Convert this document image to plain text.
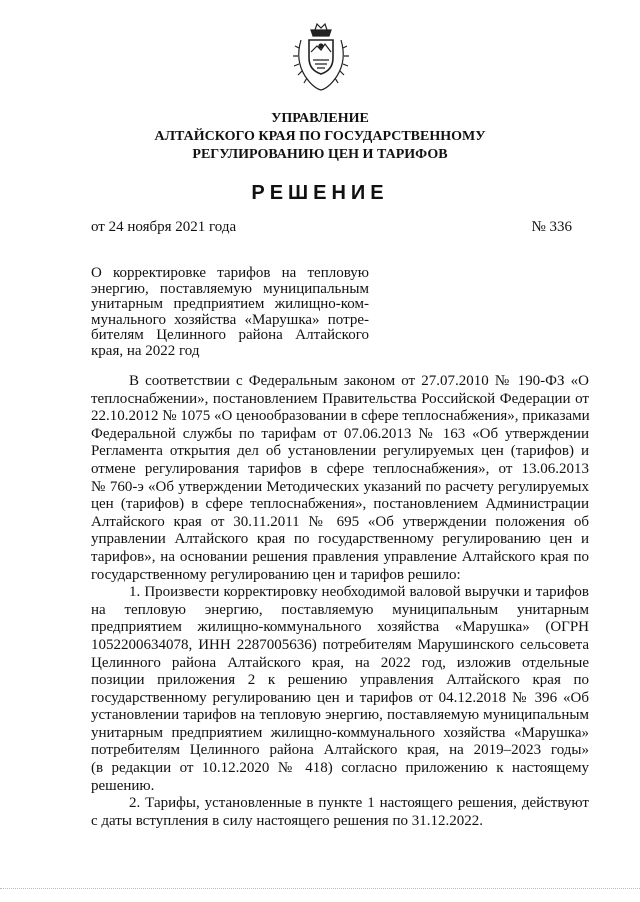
УПРАВЛЕНИЕ
АЛТАЙСКОГО КРАЯ ПО ГОСУДАРСТВЕННОМУ
РЕГУЛИРОВАНИЮ ЦЕН И ТАРИФОВ
РЕШЕНИЕ
от 24 ноября 2021 года	№ 336
О корректировке тарифов на тепловую
энергию, поставляемую муниципальным
унитарным предприятием жилищно-ком-
мунального хозяйства «Марушка» потре-
бителям Целинного района Алтайского
края, на 2022 год

В соответствии с Федеральным законом от 27.07.2010 № 190-ФЗ «О
теплоснабжении», постановлением Правительства Российской Федерации от
22.10.2012 № 1075 «О ценообразовании в сфере теплоснабжения», приказами
Федеральной службы по тарифам от 07.06.2013 № 163 «Об утверждении
Регламента открытия дел об установлении регулируемых цен (тарифов) и
отмене регулирования тарифов в сфере теплоснабжения», от 13.06.2013
№ 760-э «Об утверждении Методических указаний по расчету регулируемых
цен (тарифов) в сфере теплоснабжения», постановлением Администрации
Алтайского края от 30.11.2011 № 695 «Об утверждении положения об
управлении Алтайского края по государственному регулированию цен и
тарифов», на основании решения правления управление Алтайского края по
государственному регулированию цен и тарифов решило:

1. Произвести корректировку необходимой валовой выручки и тарифов
на тепловую энергию, поставляемую муниципальным унитарным
предприятием жилищно-коммунального хозяйства «Марушка» (ОГРН
1052200634078, ИНН 2287005636) потребителям Марушинского сельсовета
Целинного района Алтайского края, на 2022 год, изложив отдельные
позиции приложения 2 к решению управления Алтайского края по
государственному регулированию цен и тарифов от 04.12.2018 № 396 «Об
установлении тарифов на тепловую энергию, поставляемую муниципальным
унитарным предприятием жилищно-коммунального хозяйства «Марушка»
потребителям Целинного района Алтайского края, на 2019–2023 годы»
(в редакции от 10.12.2020 № 418) согласно приложению к настоящему
решению.

2. Тарифы, установленные в пункте 1 настоящего решения, действуют
с даты вступления в силу настоящего решения по 31.12.2022.
